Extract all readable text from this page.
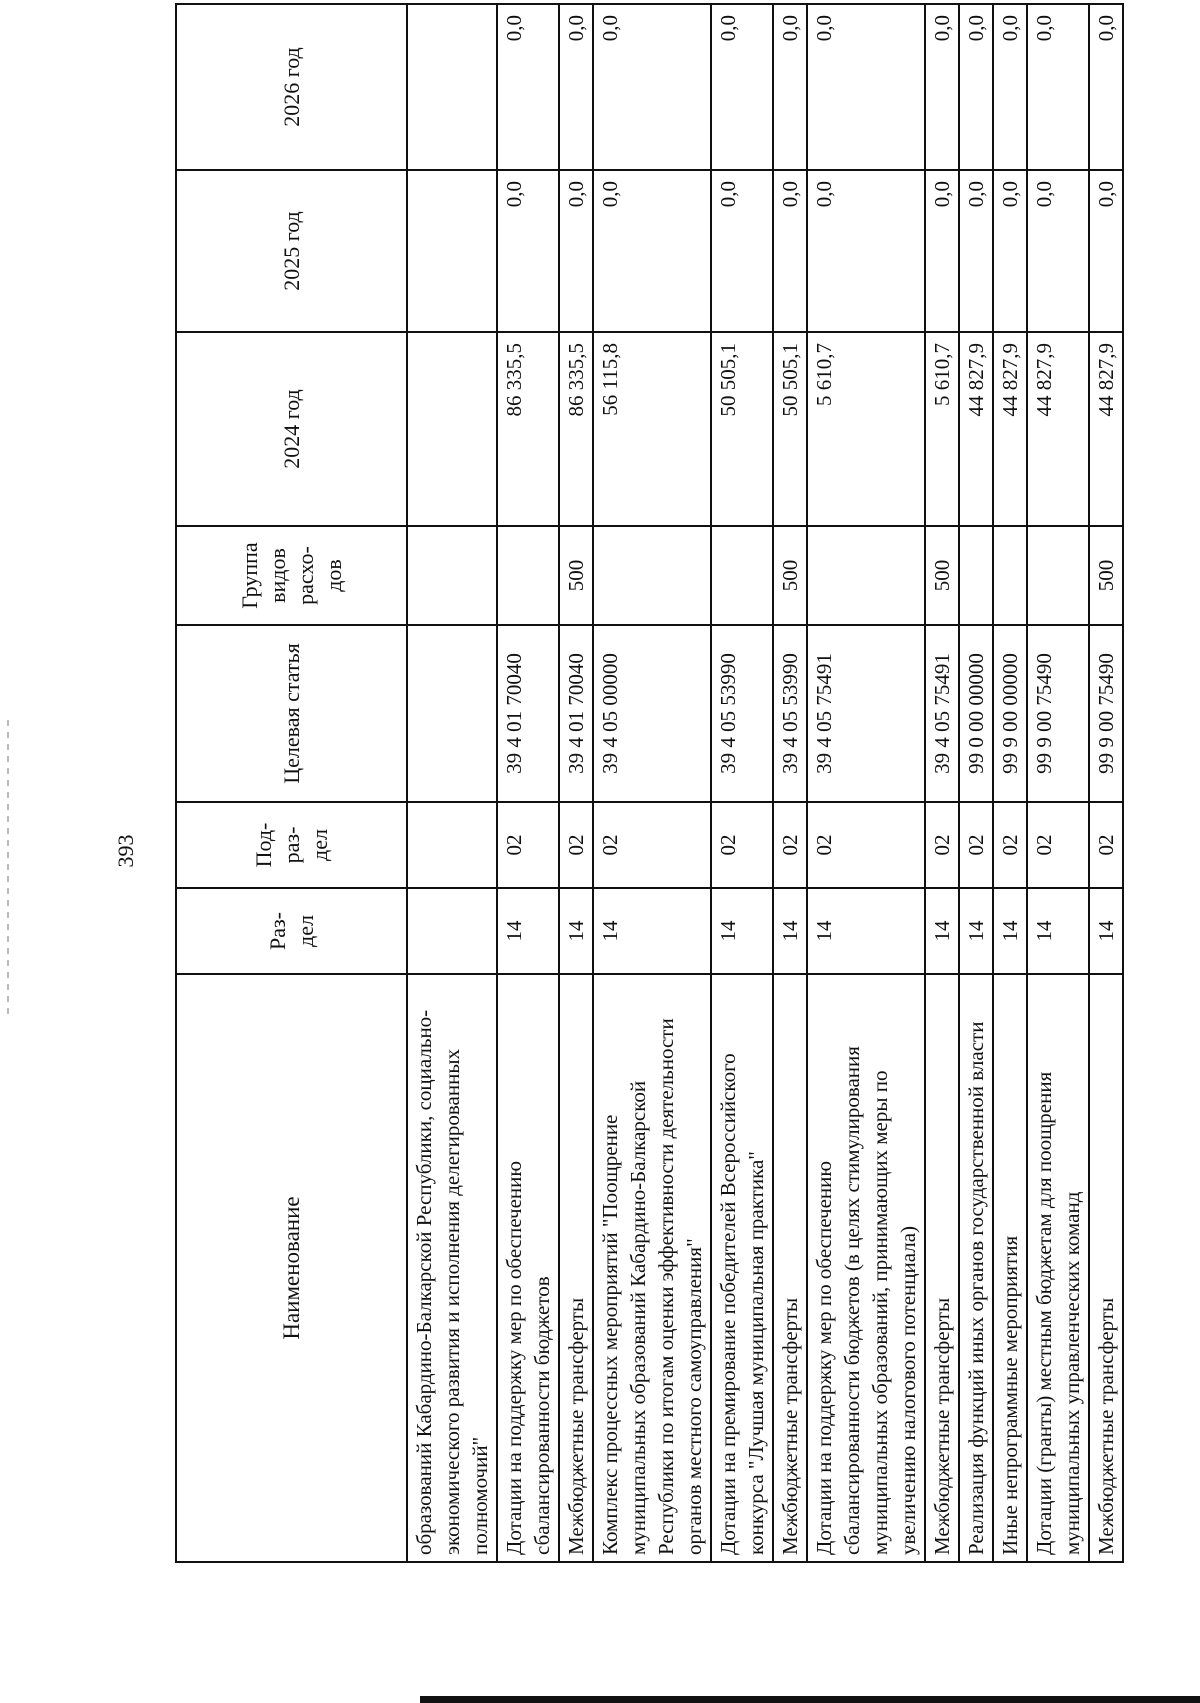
393
Наименование	Раз- дел	Под- раз- дел	Целевая статья	Группа видов расхо- дов	2024 год	2025 год	2026 год
образований Кабардино-Балкарской Республики, социально-экономического развития и исполнения делегированных полномочий"							
Дотации на поддержку мер по обеспечению сбалансированности бюджетов	14	02	39 4 01 70040		86 335,5	0,0	0,0
Межбюджетные трансферты	14	02	39 4 01 70040	500	86 335,5	0,0	0,0
Комплекс процессных мероприятий "Поощрение муниципальных образований Кабардино-Балкарской Республики по итогам оценки эффективности деятельности органов местного самоуправления"	14	02	39 4 05 00000		56 115,8	0,0	0,0
Дотации на премирование победителей Всероссийского конкурса "Лучшая муниципальная практика"	14	02	39 4 05 53990		50 505,1	0,0	0,0
Межбюджетные трансферты	14	02	39 4 05 53990	500	50 505,1	0,0	0,0
Дотации на поддержку мер по обеспечению сбалансированности бюджетов (в целях стимулирования муниципальных образований, принимающих меры по увеличению налогового потенциала)	14	02	39 4 05 75491		5 610,7	0,0	0,0
Межбюджетные трансферты	14	02	39 4 05 75491	500	5 610,7	0,0	0,0
Реализация функций иных органов государственной власти	14	02	99 0 00 00000		44 827,9	0,0	0,0
Иные непрограммные мероприятия	14	02	99 9 00 00000		44 827,9	0,0	0,0
Дотации (гранты) местным бюджетам для поощрения муниципальных управленческих команд	14	02	99 9 00 75490		44 827,9	0,0	0,0
Межбюджетные трансферты	14	02	99 9 00 75490	500	44 827,9	0,0	0,0
